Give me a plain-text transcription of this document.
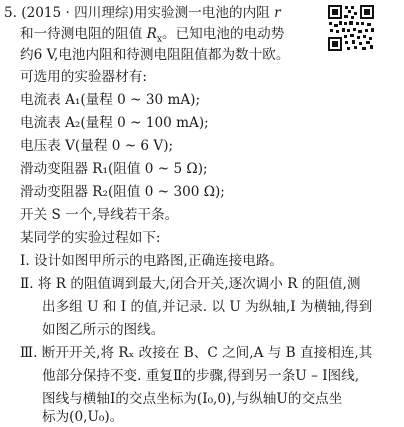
5. (2015 · 四川理综)用实验测一电池的内阻 r
和一待测电阻的阻值 $R_x$。已知电池的电动势
约6 V,电池内阻和待测电阻阻值都为数十欧。
可选用的实验器材有:
电流表 A₁(量程 0 ~ 30 mA);
电流表 A₂(量程 0 ~ 100 mA);
电压表 V(量程 0 ~ 6 V);
滑动变阻器 R₁(阻值 0 ~ 5 Ω);
滑动变阻器 R₂(阻值 0 ~ 300 Ω);
开关 S 一个,导线若干条。
某同学的实验过程如下:
Ⅰ. 设计如图甲所示的电路图,正确连接电路。
Ⅱ. 将 R 的阻值调到最大,闭合开关,逐次调小 R 的阻值,测
出多组 U 和 I 的值,并记录. 以 U 为纵轴,I 为横轴,得到
如图乙所示的图线。
Ⅲ. 断开开关,将 Rₓ 改接在 B、C 之间,A 与 B 直接相连,其
他部分保持不变. 重复Ⅱ的步骤,得到另一条U – I图线,
图线与横轴I的交点坐标为(I₀,0),与纵轴U的交点坐
标为(0,U₀)。
